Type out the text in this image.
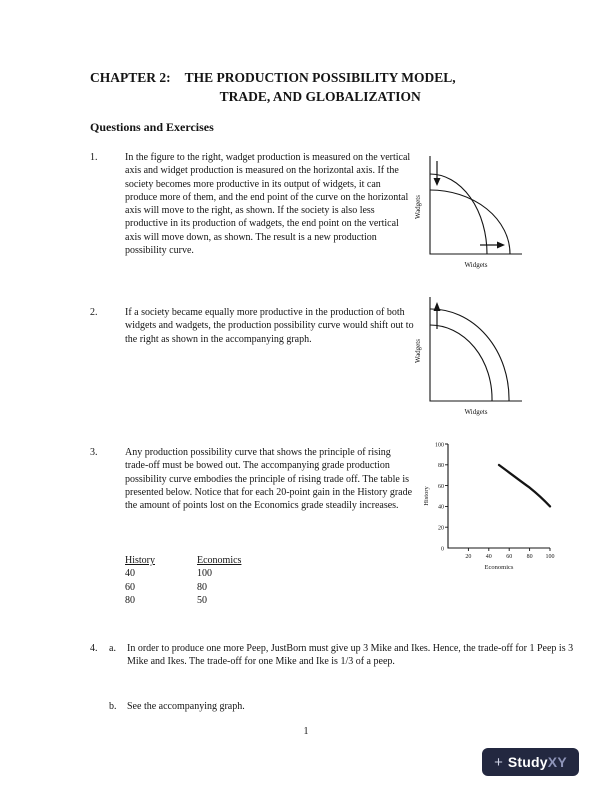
CHAPTER 2: THE PRODUCTION POSSIBILITY MODEL,
TRADE, AND GLOBALIZATION
Questions and Exercises
1.	In the figure to the right, wadget production is measured on the vertical axis and widget production is measured on the horizontal axis. If the society becomes more productive in its output of widgets, it can produce more of them, and the end point of the curve on the horizontal axis will move to the right, as shown. If the society is also less productive in its production of wadgets, the end point on the vertical axis will move down, as shown. The result is a new production possibility curve.
Wadgets
Widgets
2.	If a society became equally more productive in the production of both widgets and wadgets, the production possibility curve would shift out to the right as shown in the accompanying graph.	Wadgets
Widgets
3.	Any production possibility curve that shows the principle of rising trade-off must be bowed out. The accompanying grade production possibility curve embodies the principle of rising trade off. The table is presented below. Notice that for each 20-point gain in the History grade the amount of points lost on the Economics grade steadily increases.
100
80
60
40
20
0
20 40 60 80 100
History
Economics
History	Economics
40	100
60	80
80	50
4. a. In order to produce one more Peep, JustBorn must give up 3 Mike and Ikes. Hence, the trade-off for 1 Peep is 3 Mike and Ikes. The trade-off for one Mike and Ike is 1/3 of a peep.
b. See the accompanying graph.
1
+ StudyXY
